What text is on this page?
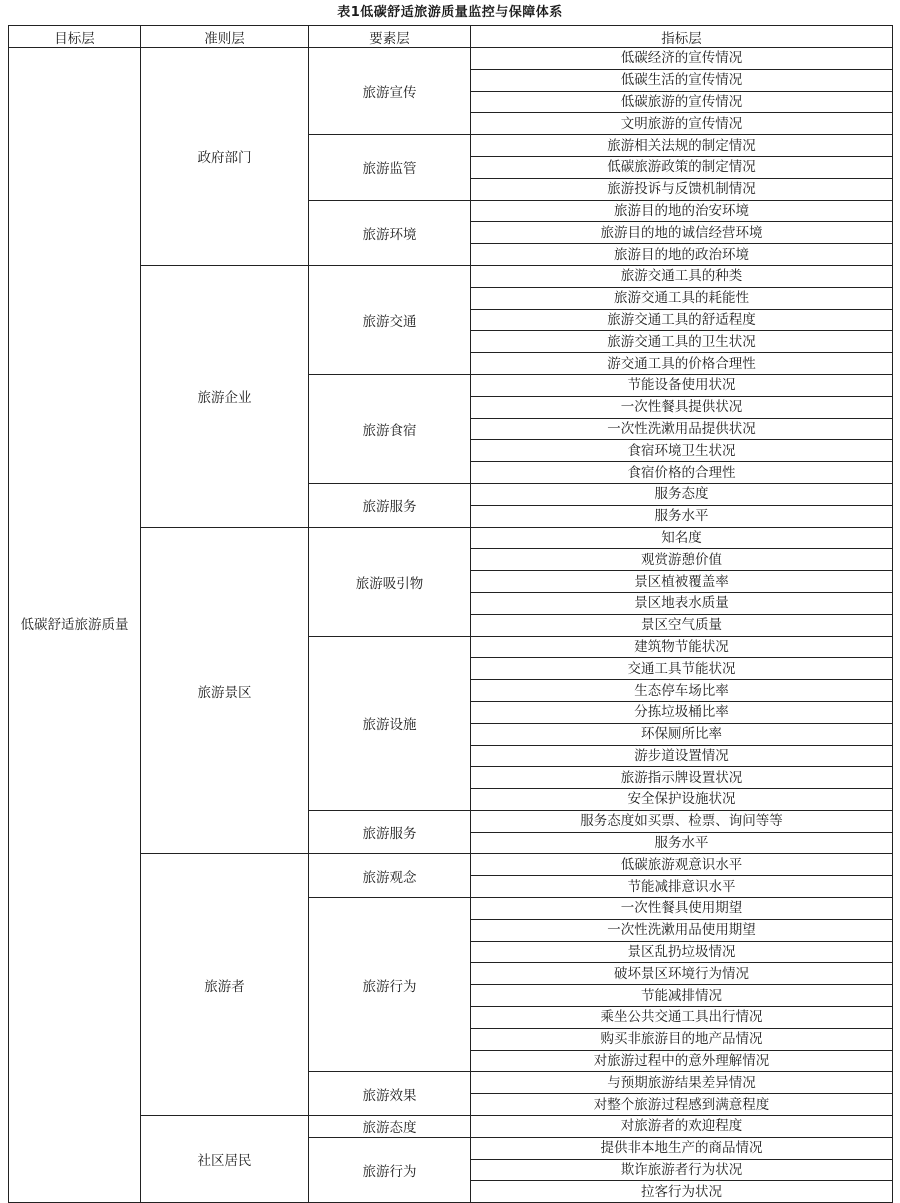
表1低碳舒适旅游质量监控与保障体系
目标层	准则层	要素层	指标层
低碳舒适旅游质量	政府部门	旅游宣传	低碳经济的宣传情况
			低碳生活的宣传情况
			低碳旅游的宣传情况
			文明旅游的宣传情况
		旅游监管	旅游相关法规的制定情况
			低碳旅游政策的制定情况
			旅游投诉与反馈机制情况
		旅游环境	旅游目的地的治安环境
			旅游目的地的诚信经营环境
			旅游目的地的政治环境
	旅游企业	旅游交通	旅游交通工具的种类
			旅游交通工具的耗能性
			旅游交通工具的舒适程度
			旅游交通工具的卫生状况
			游交通工具的价格合理性
		旅游食宿	节能设备使用状况
			一次性餐具提供状况
			一次性洗漱用品提供状况
			食宿环境卫生状况
			食宿价格的合理性
		旅游服务	服务态度
			服务水平
	旅游景区	旅游吸引物	知名度
			观赏游憩价值
			景区植被覆盖率
			景区地表水质量
			景区空气质量
		旅游设施	建筑物节能状况
			交通工具节能状况
			生态停车场比率
			分拣垃圾桶比率
			环保厕所比率
			游步道设置情况
			旅游指示牌设置状况
			安全保护设施状况
		旅游服务	服务态度如买票、检票、询问等等
			服务水平
	旅游者	旅游观念	低碳旅游观意识水平
			节能减排意识水平
		旅游行为	一次性餐具使用期望
			一次性洗漱用品使用期望
			景区乱扔垃圾情况
			破坏景区环境行为情况
			节能减排情况
			乘坐公共交通工具出行情况
			购买非旅游目的地产品情况
			对旅游过程中的意外理解情况
		旅游效果	与预期旅游结果差异情况
			对整个旅游过程感到满意程度
	社区居民	旅游态度	对旅游者的欢迎程度
		旅游行为	提供非本地生产的商品情况
			欺诈旅游者行为状况
			拉客行为状况
